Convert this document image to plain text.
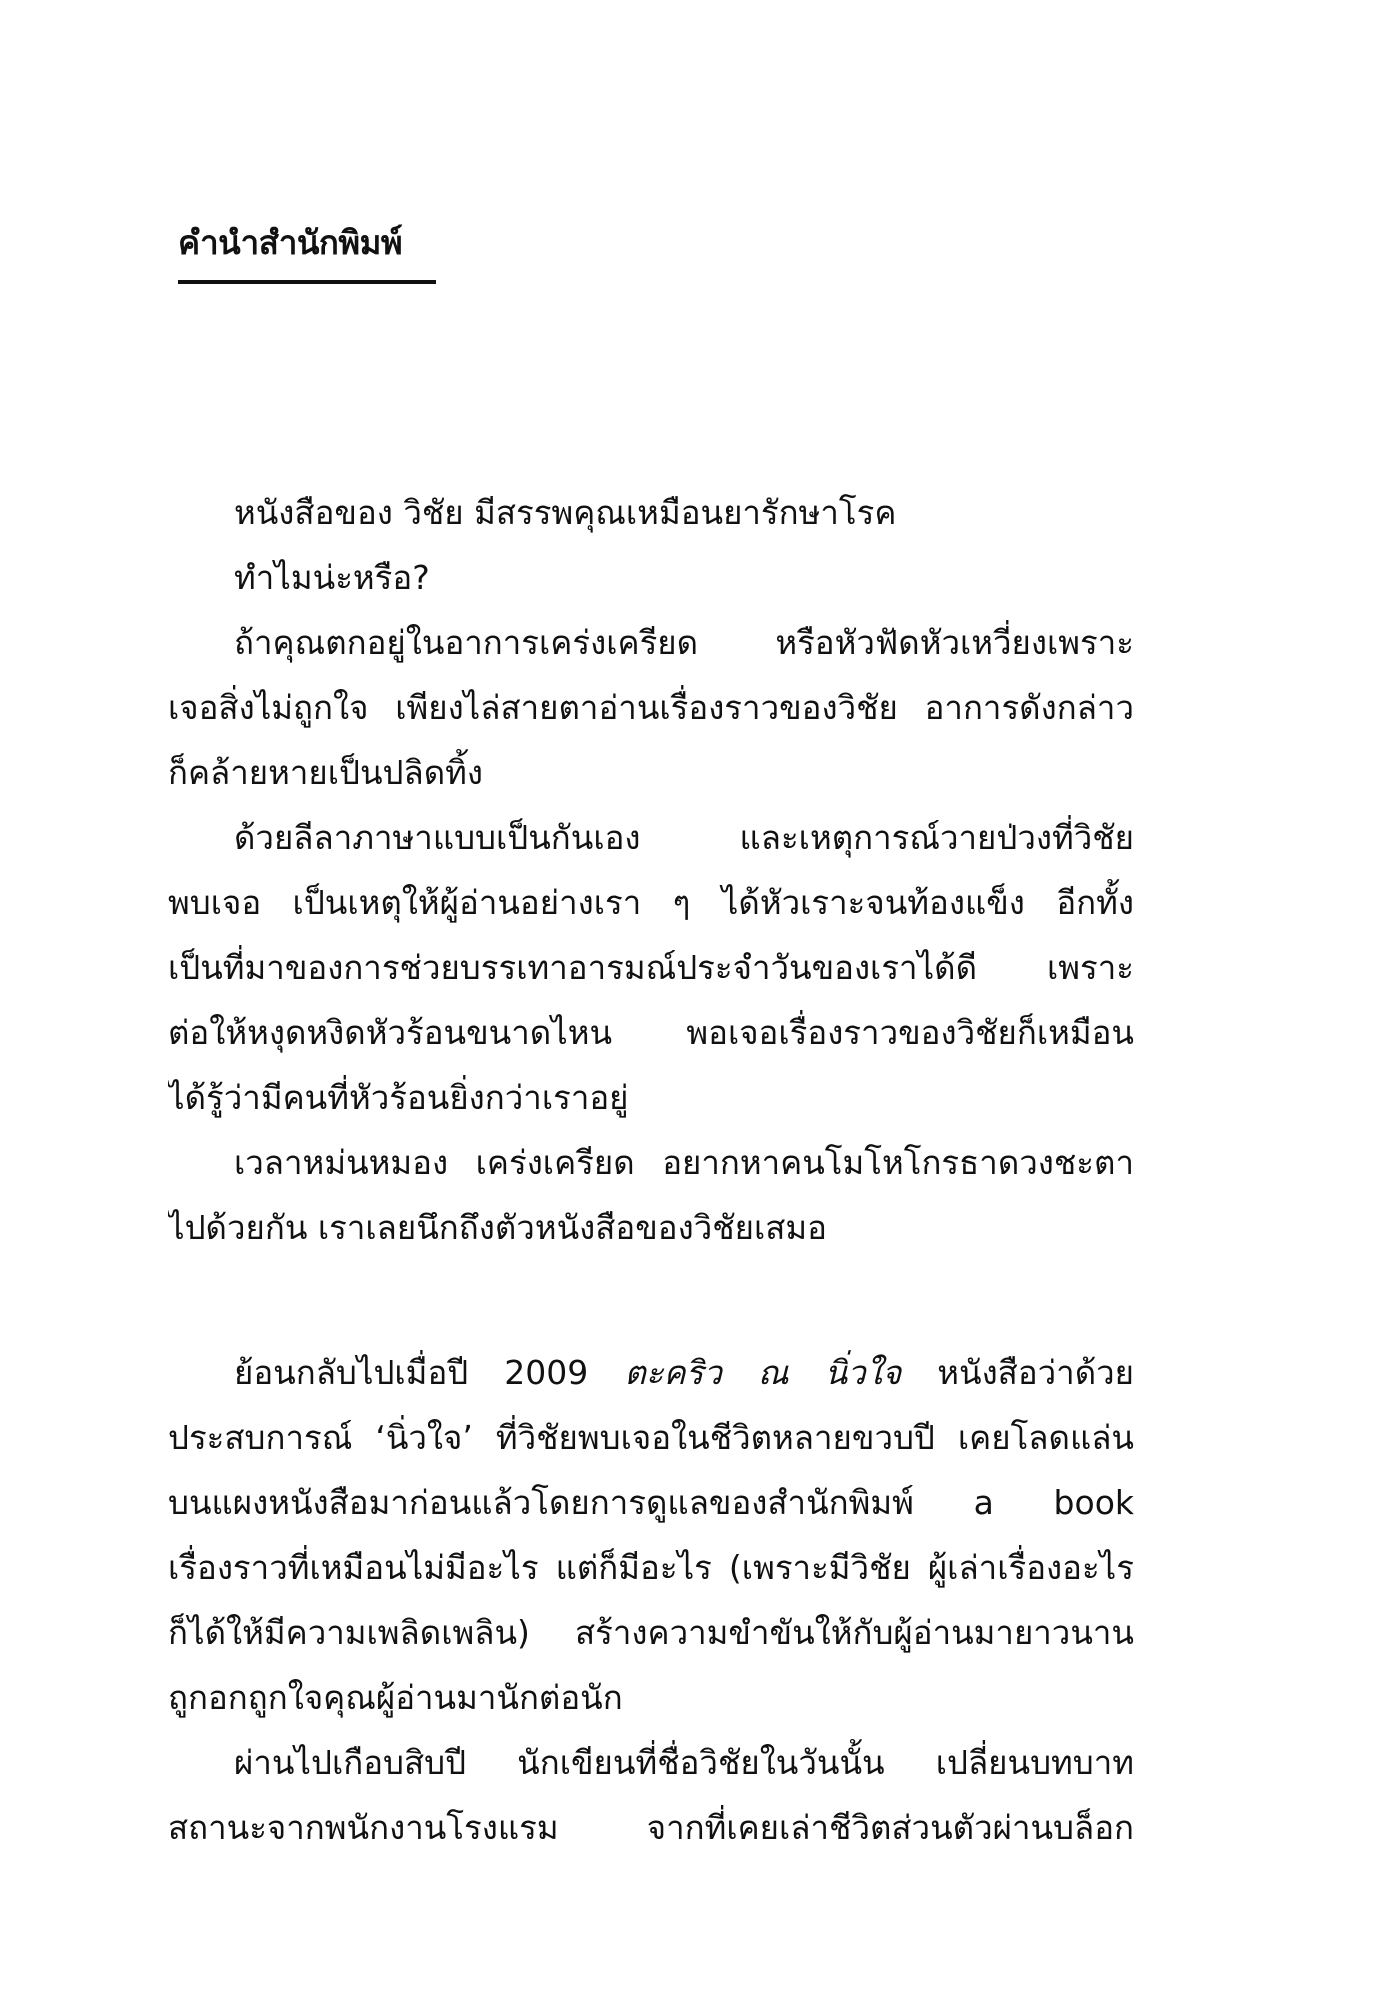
คำนำสำนักพิมพ์
หนังสือของ วิชัย มีสรรพคุณเหมือนยารักษาโรค
ทำไมน่ะหรือ?
ถ้าคุณตกอยู่ในอาการเคร่งเครียด หรือหัวฟัดหัวเหวี่ยงเพราะ
เจอสิ่งไม่ถูกใจ เพียงไล่สายตาอ่านเรื่องราวของวิชัย อาการดังกล่าว
ก็คล้ายหายเป็นปลิดทิ้ง
ด้วยลีลาภาษาแบบเป็นกันเอง และเหตุการณ์วายป่วงที่วิชัย
พบเจอ เป็นเหตุให้ผู้อ่านอย่างเรา ๆ ได้หัวเราะจนท้องแข็ง อีกทั้ง
เป็นที่มาของการช่วยบรรเทาอารมณ์ประจำวันของเราได้ดี เพราะ
ต่อให้หงุดหงิดหัวร้อนขนาดไหน พอเจอเรื่องราวของวิชัยก็เหมือน
ได้รู้ว่ามีคนที่หัวร้อนยิ่งกว่าเราอยู่
เวลาหม่นหมอง เคร่งเครียด อยากหาคนโมโหโกรธาดวงชะตา
ไปด้วยกัน เราเลยนึกถึงตัวหนังสือของวิชัยเสมอ
ย้อนกลับไปเมื่อปี 2009 ตะคริว ณ นิ่วใจ หนังสือว่าด้วย
ประสบการณ์ ‘นิ่วใจ’ ที่วิชัยพบเจอในชีวิตหลายขวบปี เคยโลดแล่น
บนแผงหนังสือมาก่อนแล้วโดยการดูแลของสำนักพิมพ์ a book
เรื่องราวที่เหมือนไม่มีอะไร แต่ก็มีอะไร (เพราะมีวิชัย ผู้เล่าเรื่องอะไร
ก็ได้ให้มีความเพลิดเพลิน) สร้างความขำขันให้กับผู้อ่านมายาวนาน
ถูกอกถูกใจคุณผู้อ่านมานักต่อนัก
ผ่านไปเกือบสิบปี นักเขียนที่ชื่อวิชัยในวันนั้น เปลี่ยนบทบาท
สถานะจากพนักงานโรงแรม จากที่เคยเล่าชีวิตส่วนตัวผ่านบล็อก
